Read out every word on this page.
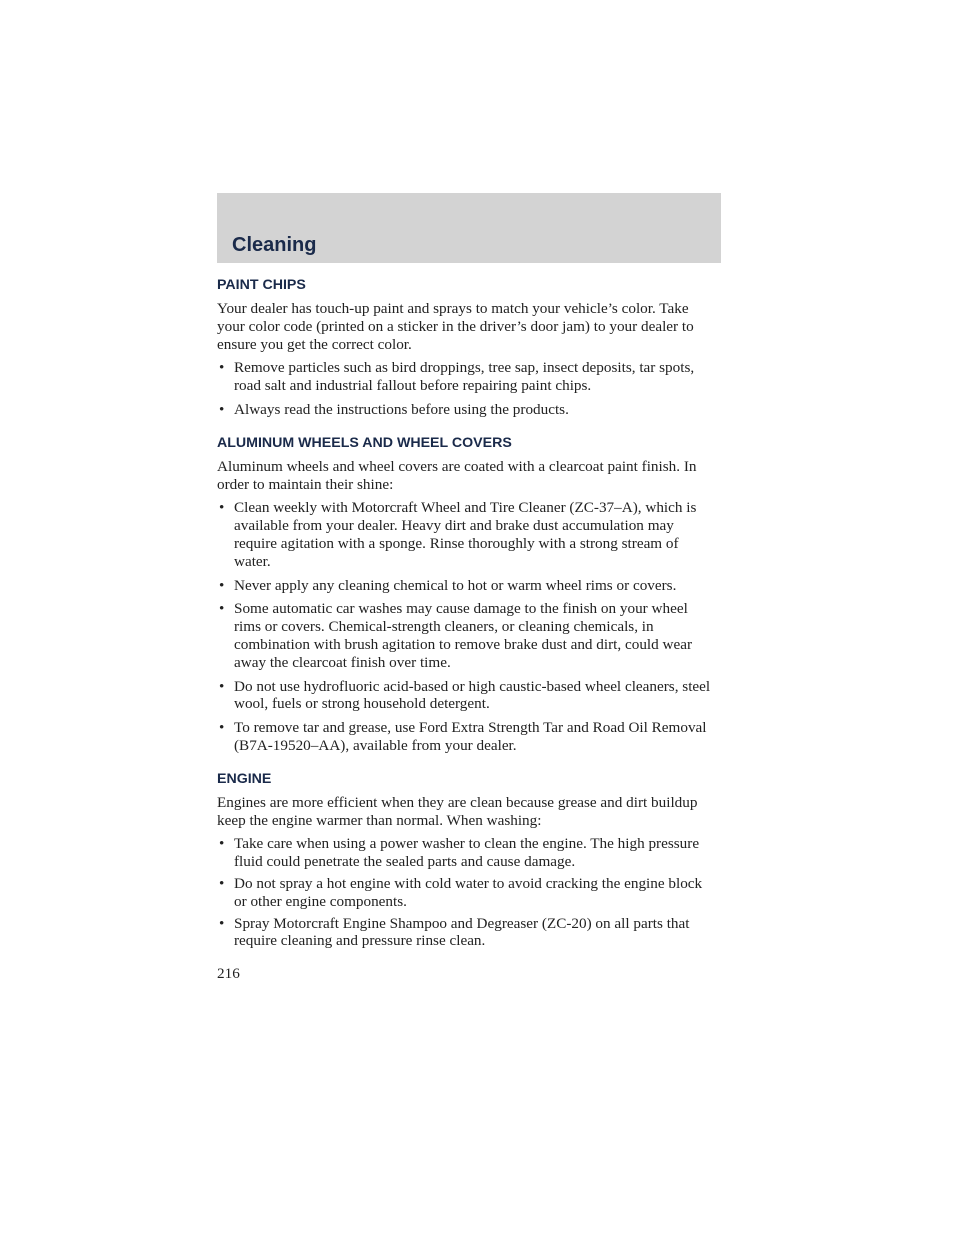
Cleaning
PAINT CHIPS

Your dealer has touch-up paint and sprays to match your vehicle’s color. Take your color code (printed on a sticker in the driver’s door jam) to your dealer to ensure you get the correct color.

• Remove particles such as bird droppings, tree sap, insect deposits, tar spots, road salt and industrial fallout before repairing paint chips.
• Always read the instructions before using the products.
ALUMINUM WHEELS AND WHEEL COVERS

Aluminum wheels and wheel covers are coated with a clearcoat paint finish. In order to maintain their shine:

• Clean weekly with Motorcraft Wheel and Tire Cleaner (ZC-37–A), which is available from your dealer. Heavy dirt and brake dust accumulation may require agitation with a sponge. Rinse thoroughly with a strong stream of water.
• Never apply any cleaning chemical to hot or warm wheel rims or covers.
• Some automatic car washes may cause damage to the finish on your wheel rims or covers. Chemical-strength cleaners, or cleaning chemicals, in combination with brush agitation to remove brake dust and dirt, could wear away the clearcoat finish over time.
• Do not use hydrofluoric acid-based or high caustic-based wheel cleaners, steel wool, fuels or strong household detergent.
• To remove tar and grease, use Ford Extra Strength Tar and Road Oil Removal (B7A-19520–AA), available from your dealer.
ENGINE

Engines are more efficient when they are clean because grease and dirt buildup keep the engine warmer than normal. When washing:

• Take care when using a power washer to clean the engine. The high pressure fluid could penetrate the sealed parts and cause damage.
• Do not spray a hot engine with cold water to avoid cracking the engine block or other engine components.
• Spray Motorcraft Engine Shampoo and Degreaser (ZC-20) on all parts that require cleaning and pressure rinse clean.
216
